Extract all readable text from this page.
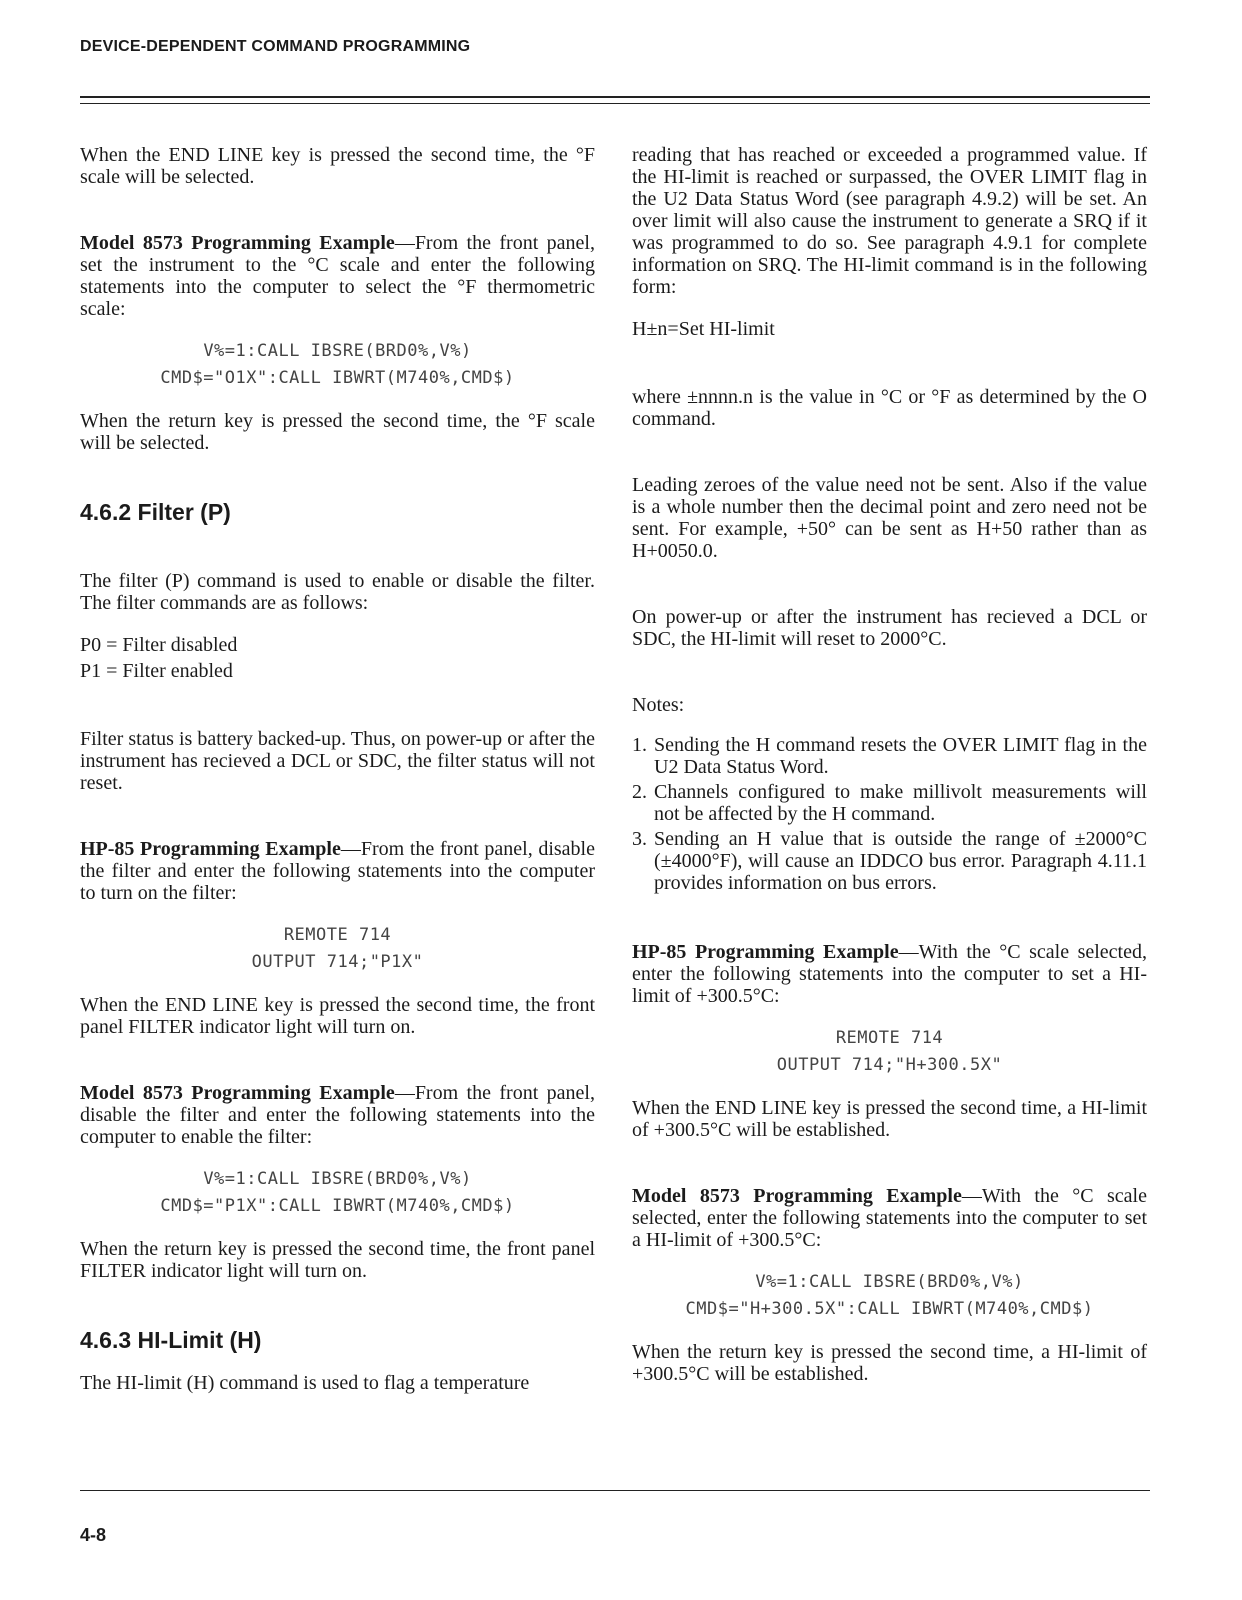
DEVICE-DEPENDENT COMMAND PROGRAMMING

When the END LINE key is pressed the second time, the °F scale will be selected.

Model 8573 Programming Example—From the front panel, set the instrument to the °C scale and enter the following statements into the computer to select the °F thermometric scale:

V%=1:CALL IBSRE(BRD0%,V%)
CMD$="O1X":CALL IBWRT(M740%,CMD$)

When the return key is pressed the second time, the °F scale will be selected.

4.6.2 Filter (P)

The filter (P) command is used to enable or disable the filter. The filter commands are as follows:

P0 = Filter disabled
P1 = Filter enabled

Filter status is battery backed-up. Thus, on power-up or after the instrument has recieved a DCL or SDC, the filter status will not reset.

HP-85 Programming Example—From the front panel, disable the filter and enter the following statements into the computer to turn on the filter:

REMOTE 714
OUTPUT 714;"P1X"

When the END LINE key is pressed the second time, the front panel FILTER indicator light will turn on.

Model 8573 Programming Example—From the front panel, disable the filter and enter the following statements into the computer to enable the filter:

V%=1:CALL IBSRE(BRD0%,V%)
CMD$="P1X":CALL IBWRT(M740%,CMD$)

When the return key is pressed the second time, the front panel FILTER indicator light will turn on.

4.6.3 HI-Limit (H)

The HI-limit (H) command is used to flag a temperature

reading that has reached or exceeded a programmed value. If the HI-limit is reached or surpassed, the OVER LIMIT flag in the U2 Data Status Word (see paragraph 4.9.2) will be set. An over limit will also cause the instrument to generate a SRQ if it was programmed to do so. See paragraph 4.9.1 for complete information on SRQ. The HI-limit command is in the following form:

H±n=Set HI-limit

where ±nnnn.n is the value in °C or °F as determined by the O command.

Leading zeroes of the value need not be sent. Also if the value is a whole number then the decimal point and zero need not be sent. For example, +50° can be sent as H+50 rather than as H+0050.0.

On power-up or after the instrument has recieved a DCL or SDC, the HI-limit will reset to 2000°C.

Notes:

1. Sending the H command resets the OVER LIMIT flag in the U2 Data Status Word.
2. Channels configured to make millivolt measurements will not be affected by the H command.
3. Sending an H value that is outside the range of ±2000°C (±4000°F), will cause an IDDCO bus error. Paragraph 4.11.1 provides information on bus errors.

HP-85 Programming Example—With the °C scale selected, enter the following statements into the computer to set a HI-limit of +300.5°C:

REMOTE 714
OUTPUT 714;"H+300.5X"

When the END LINE key is pressed the second time, a HI-limit of +300.5°C will be established.

Model 8573 Programming Example—With the °C scale selected, enter the following statements into the computer to set a HI-limit of +300.5°C:

V%=1:CALL IBSRE(BRD0%,V%)
CMD$="H+300.5X":CALL IBWRT(M740%,CMD$)

When the return key is pressed the second time, a HI-limit of +300.5°C will be established.

4-8
